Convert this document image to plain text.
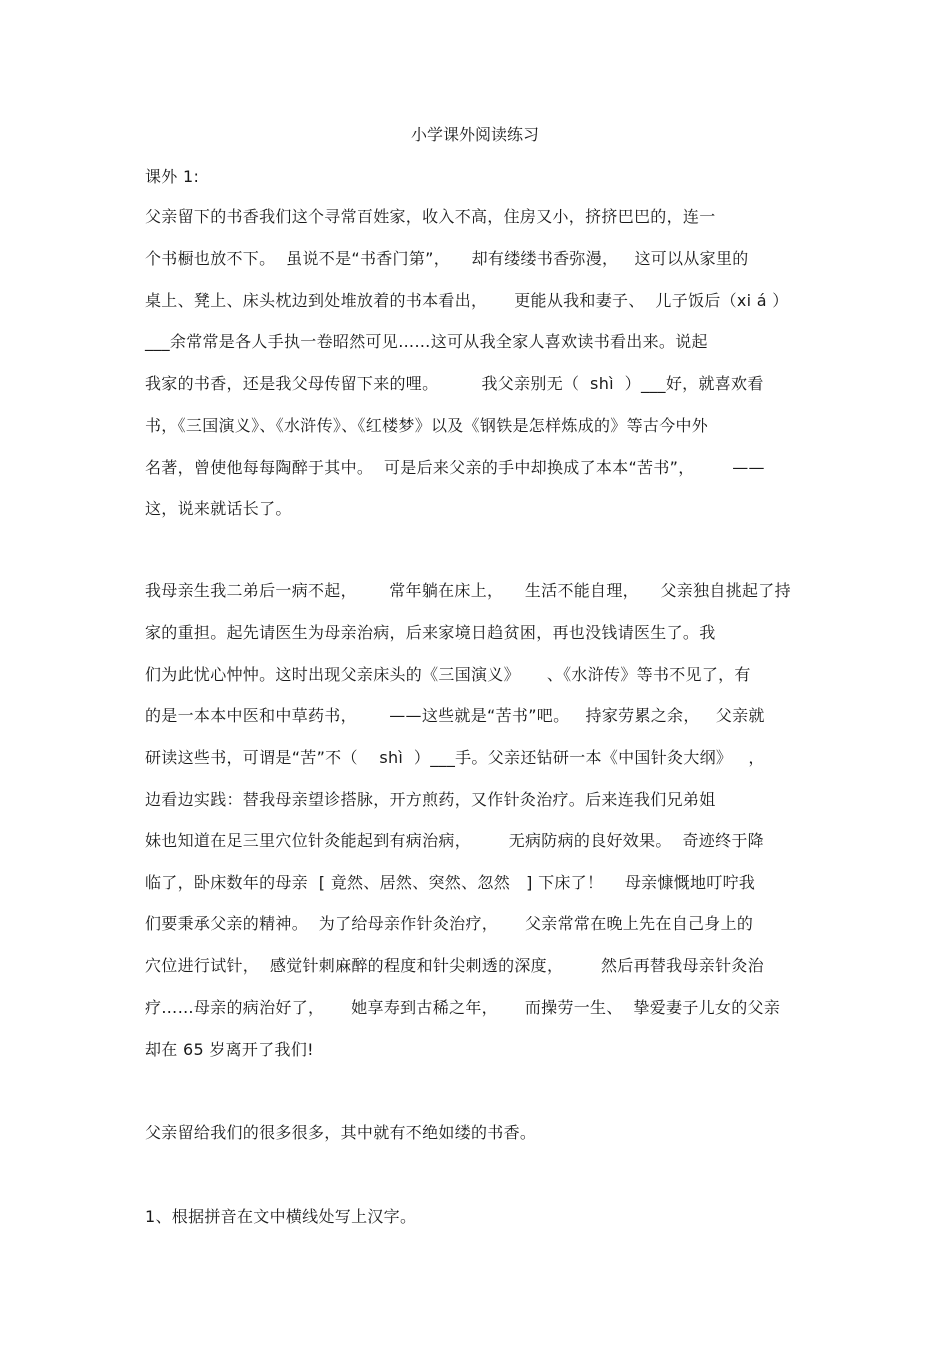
小学课外阅读练习
课外 1:
父亲留下的书香我们这个寻常百姓家，收入不高，住房又小，挤挤巴巴的，连一
个书橱也放不下。  虽说不是“书香门第”，    却有缕缕书香弥漫，   这可以从家里的
桌上、凳上、床头枕边到处堆放着的书本看出，     更能从我和妻子、  儿子饭后（xi á ）
___余常常是各人手执一卷昭然可见……这可从我全家人喜欢读书看出来。说起
我家的书香，还是我父母传留下来的哩。        我父亲别无（  shì  ）___好，就喜欢看
书，《三国演义》、《水浒传》、《红楼梦》以及《钢铁是怎样炼成的》等古今中外
名著，曾使他每每陶醉于其中。  可是后来父亲的手中却换成了本本“苦书”，       ——
这，说来就话长了。
我母亲生我二弟后一病不起，      常年躺在床上，    生活不能自理，    父亲独自挑起了持
家的重担。起先请医生为母亲治病，后来家境日趋贫困，再也没钱请医生了。我
们为此忧心忡忡。这时出现父亲床头的《三国演义》     、《水浒传》等书不见了，有
的是一本本中医和中草药书，      ——这些就是“苦书”吧。   持家劳累之余，   父亲就
研读这些书，可谓是“苦”不（    shì  ）___手。父亲还钻研一本《中国针灸大纲》   ，
边看边实践：替我母亲望诊搭脉，开方煎药，又作针灸治疗。后来连我们兄弟姐
妹也知道在足三里穴位针灸能起到有病治病，       无病防病的良好效果。  奇迹终于降
临了，卧床数年的母亲  [ 竟然、居然、突然、忽然   ] 下床了！    母亲慷慨地叮咛我
们要秉承父亲的精神。  为了给母亲作针灸治疗，     父亲常常在晚上先在自己身上的
穴位进行试针，  感觉针刺麻醉的程度和针尖刺透的深度，       然后再替我母亲针灸治
疗……母亲的病治好了，     她享寿到古稀之年，     而操劳一生、  挚爱妻子儿女的父亲
却在 65 岁离开了我们!
父亲留给我们的很多很多，其中就有不绝如缕的书香。
1、根据拼音在文中横线处写上汉字。
